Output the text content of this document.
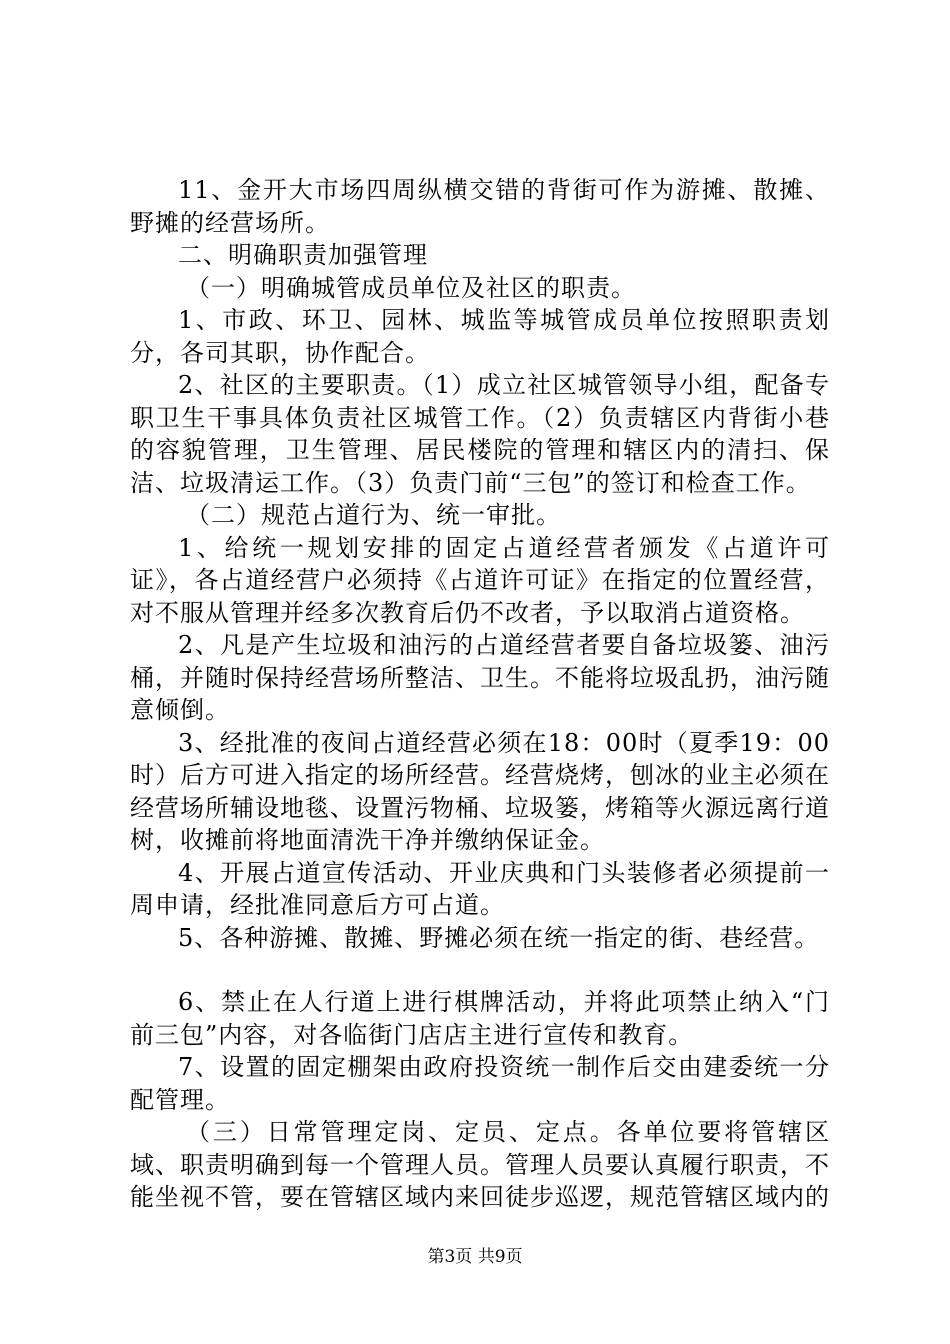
11、金开大市场四周纵横交错的背街可作为游摊、散摊、野摊的经营场所。

二、明确职责加强管理

（一）明确城管成员单位及社区的职责。

1、市政、环卫、园林、城监等城管成员单位按照职责划分，各司其职，协作配合。

2、社区的主要职责。（1）成立社区城管领导小组，配备专职卫生干事具体负责社区城管工作。（2）负责辖区内背街小巷的容貌管理，卫生管理、居民楼院的管理和辖区内的清扫、保洁、垃圾清运工作。（3）负责门前“三包”的签订和检查工作。

（二）规范占道行为、统一审批。

1、给统一规划安排的固定占道经营者颁发《占道许可证》，各占道经营户必须持《占道许可证》在指定的位置经营，对不服从管理并经多次教育后仍不改者，予以取消占道资格。

2、凡是产生垃圾和油污的占道经营者要自备垃圾篓、油污桶，并随时保持经营场所整洁、卫生。不能将垃圾乱扔，油污随意倾倒。

3、经批准的夜间占道经营必须在18：00时（夏季19：00时）后方可进入指定的场所经营。经营烧烤，刨冰的业主必须在经营场所辅设地毯、设置污物桶、垃圾篓，烤箱等火源远离行道树，收摊前将地面清洗干净并缴纳保证金。

4、开展占道宣传活动、开业庆典和门头装修者必须提前一周申请，经批准同意后方可占道。

5、各种游摊、散摊、野摊必须在统一指定的街、巷经营。

6、禁止在人行道上进行棋牌活动，并将此项禁止纳入“门前三包”内容，对各临街门店店主进行宣传和教育。

7、设置的固定棚架由政府投资统一制作后交由建委统一分配管理。

（三）日常管理定岗、定员、定点。各单位要将管辖区域、职责明确到每一个管理人员。管理人员要认真履行职责，不能坐视不管，要在管辖区域内来回徒步巡逻，规范管辖区域内的

第3页 共9页
